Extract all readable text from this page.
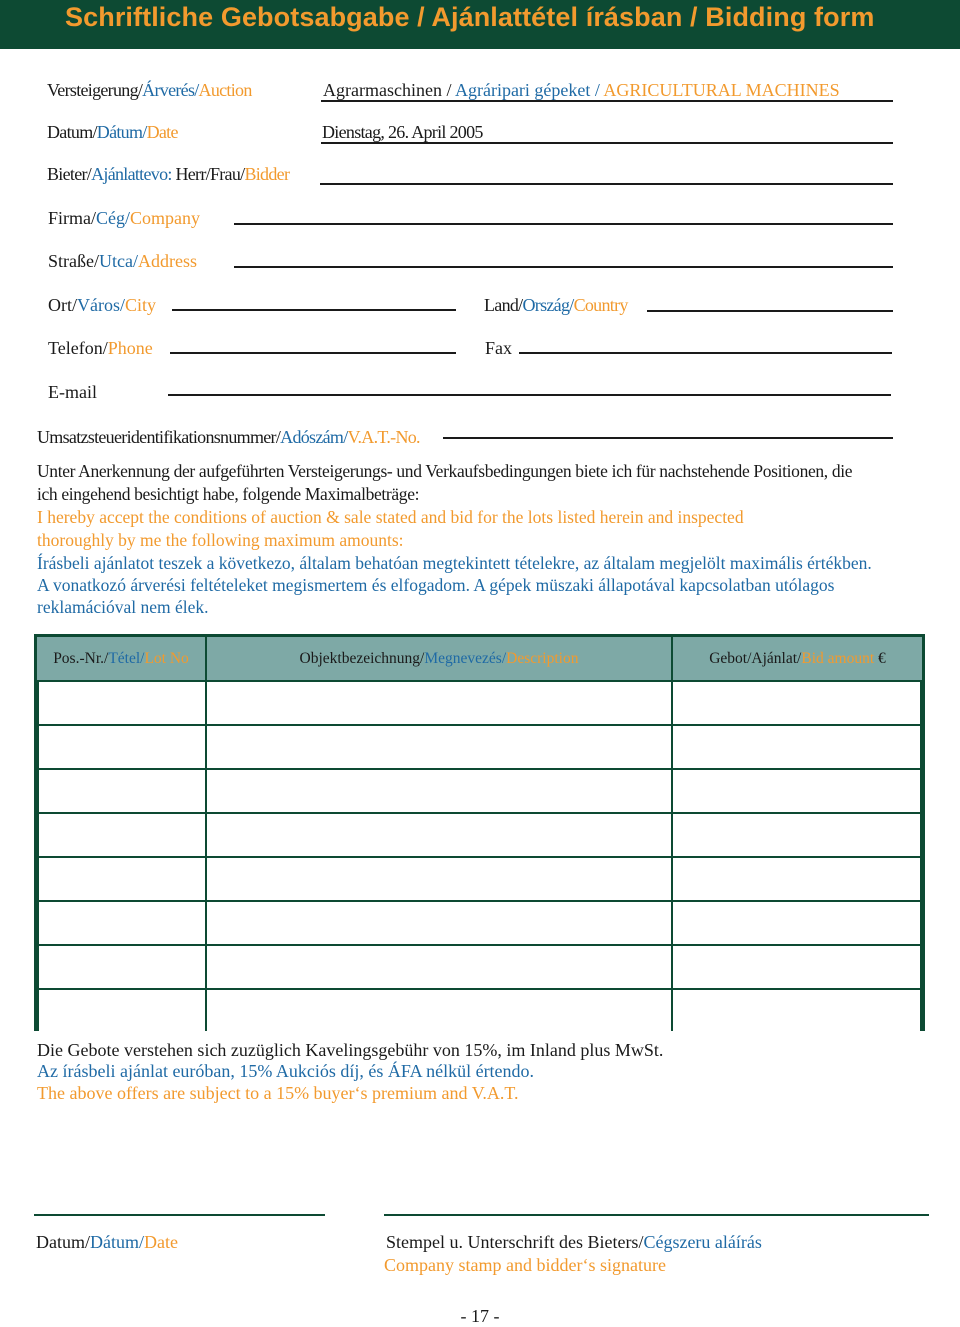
Schriftliche Gebotsabgabe / Ajánlattétel írásban / Bidding form
Versteigerung/Árverés/Auction	Agrarmaschinen / Agráripari gépeket / AGRICULTURAL MACHINES
Datum/Dátum/Date	Dienstag, 26. April 2005
Bieter/Ajánlattevo: Herr/Frau/Bidder
Firma/Cég/Company
Straße/Utca/Address
Ort/Város/City	Land/Ország/Country
Telefon/Phone	Fax
E-mail
Umsatzsteueridentifikationsnummer/Adószám/V.A.T.-No.
Unter Anerkennung der aufgeführten Versteigerungs- und Verkaufsbedingungen biete ich für nachstehende Positionen, die
ich eingehend besichtigt habe, folgende Maximalbeträge:
I hereby accept the conditions of auction & sale stated and bid for the lots listed herein and inspected
thoroughly by me the following maximum amounts:
Írásbeli ajánlatot teszek a következo, általam behatóan megtekintett tételekre, az általam megjelölt maximális értékben.
A vonatkozó árverési feltételeket megismertem és elfogadom. A gépek müszaki állapotával kapcsolatban utólagos
reklamációval nem élek.
Pos.-Nr./Tétel/Lot No	Objektbezeichnung/Megnevezés/Description	Gebot/Ajánlat/Bid amount €
Die Gebote verstehen sich zuzüglich Kavelingsgebühr von 15%, im Inland plus MwSt.
Az írásbeli ajánlat euróban, 15% Aukciós díj, és ÁFA nélkül értendo.
The above offers are subject to a 15% buyer‘s premium and V.A.T.
Datum/Dátum/Date	Stempel u. Unterschrift des Bieters/Cégszeru aláírás
Company stamp and bidder‘s signature
- 17 -
